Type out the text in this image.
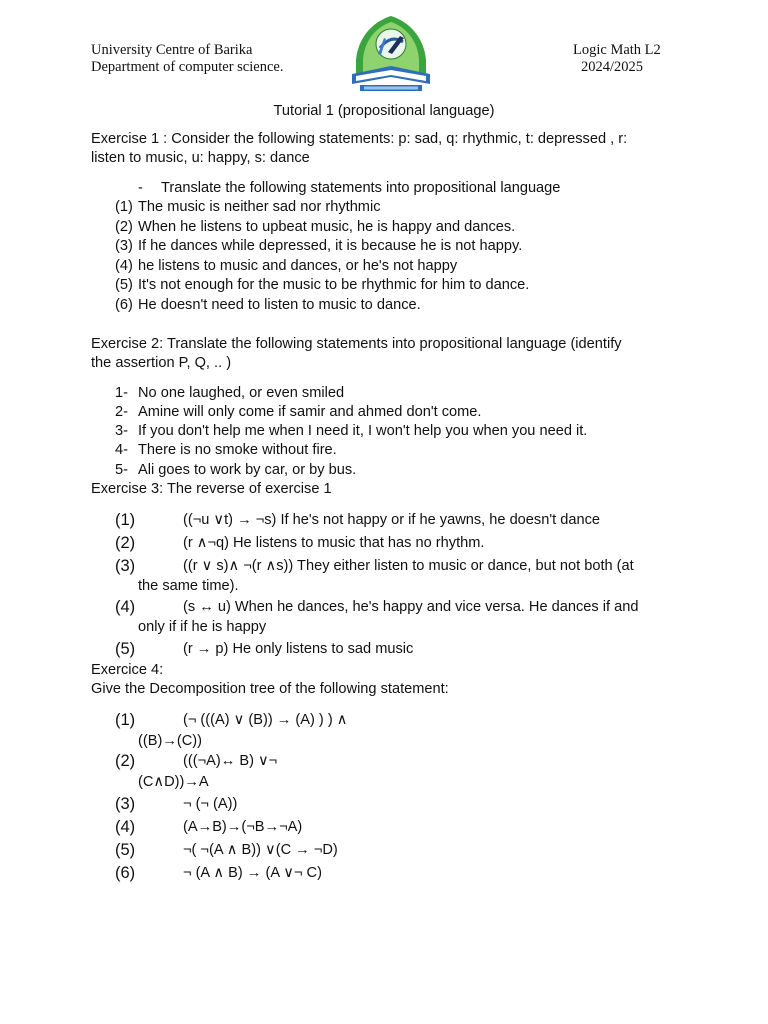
University Centre of Barika
Department of computer science.
Logic Math L2
2024/2025
Tutorial 1 (propositional language)
Exercise 1 : Consider the following statements: p: sad, q: rhythmic, t: depressed , r:
listen to music, u: happy, s: dance
- Translate the following statements into propositional language
(1) The music is neither sad nor rhythmic
(2) When he listens to upbeat music, he is happy and dances.
(3) If he dances while depressed, it is because he is not happy.
(4) he listens to music and dances, or he's not happy
(5) It's not enough for the music to be rhythmic for him to dance.
(6) He doesn't need to listen to music to dance.
Exercise 2: Translate the following statements into propositional language (identify
the assertion P, Q, .. )
1- No one laughed, or even smiled
2- Amine will only come if samir and ahmed don't come.
3- If you don't help me when I need it, I won't help you when you need it.
4- There is no smoke without fire.
5- Ali goes to work by car, or by bus.
Exercise 3: The reverse of exercise 1
(1)	((¬u ∨t) → ¬s) If he's not happy or if he yawns, he doesn't dance
(2)	(r ∧¬q) He listens to music that has no rhythm.
(3)	((r ∨ s)∧ ¬(r ∧s)) They either listen to music or dance, but not both (at
the same time).
(4)	(s ↔ u) When he dances, he's happy and vice versa. He dances if and
only if if he is happy
(5)	(r → p) He only listens to sad music
Exercice 4:
Give the Decomposition tree of the following statement:
(1)	(¬ (((A) ∨ (B)) → (A) ) ) ∧
((B)→(C))
(2)	(((¬A)↔ B) ∨¬
(C∧D))→A
(3)	¬ (¬ (A))
(4)	(A→B)→(¬B→¬A)
(5)	¬( ¬(A ∧ B)) ∨(C → ¬D)
(6)	¬ (A ∧ B) → (A ∨¬ C)
